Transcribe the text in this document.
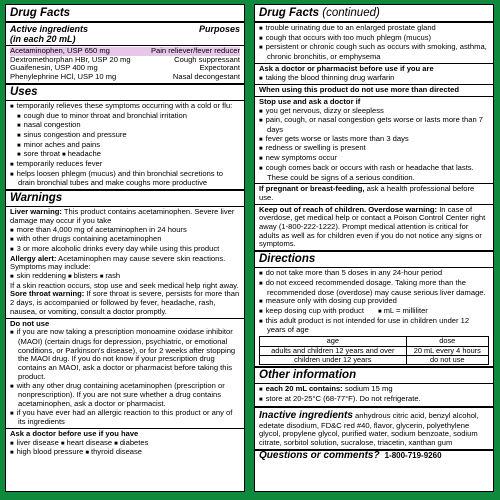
Drug Facts
Active ingredients	Purposes
(in each 20 mL)
Acetaminophen, USP 650 mg	Pain reliever/fever reducer
Dextromethorphan HBr, USP 20 mg	Cough suppressant
Guaifenesin, USP 400 mg	Expectorant
Phenylephrine HCl, USP 10 mg	Nasal decongestant
Uses
■ temporarily relieves these symptoms occurring with a cold or flu:
■ cough due to minor throat and bronchial irritation
■ nasal congestion
■ sinus congestion and pressure
■ minor aches and pains
■ sore throat ■ headache
■ temporarily reduces fever
■ helps loosen phlegm (mucus) and thin bronchial secretions to drain bronchial tubes and make coughs more productive
Warnings

Liver warning: This product contains acetaminophen. Severe liver damage may occur if you take

■ more than 4,000 mg of acetaminophen in 24 hours
■ with other drugs containing acetaminophen
■ 3 or more alcoholic drinks every day while using this product

Allergy alert: Acetaminophen may cause severe skin reactions. Symptoms may include:

■ skin reddening ■ blisters ■ rash

If a skin reaction occurs, stop use and seek medical help right away.

Sore throat warning: If sore throat is severe, persists for more than 2 days, is accompanied or followed by fever, headache, rash, nausea, or vomiting, consult a doctor promptly.

Do not use

■ if you are now taking a prescription monoamine oxidase inhibitor (MAOI) (certain drugs for depression, psychiatric, or emotional conditions, or Parkinson's disease), or for 2 weeks after stopping the MAOI drug. If you do not know if your prescription drug contains an MAOI, ask a doctor or pharmacist before taking this product.
■ with any other drug containing acetaminophen (prescription or nonprescription). If you are not sure whether a drug contains acetaminophen, ask a doctor or pharmacist.
■ if you have ever had an allergic reaction to this product or any of its ingredients

Ask a doctor before use if you have

■ liver disease ■ heart disease ■ diabetes
■ high blood pressure ■ thyroid disease
Drug Facts (continued)
■ trouble urinating due to an enlarged prostate gland
■ cough that occurs with too much phlegm (mucus)
■ persistent or chronic cough such as occurs with smoking, asthma, chronic bronchitis, or emphysema

Ask a doctor or pharmacist before use if you are

■ taking the blood thinning drug warfarin

When using this product do not use more than directed

Stop use and ask a doctor if

■ you get nervous, dizzy or sleepless
■ pain, cough, or nasal congestion gets worse or lasts more than 7 days
■ fever gets worse or lasts more than 3 days
■ redness or swelling is present
■ new symptoms occur
■ cough comes back or occurs with rash or headache that lasts. These could be signs of a serious condition.

If pregnant or breast-feeding, ask a health professional before use.

Keep out of reach of children. Overdose warning: In case of overdose, get medical help or contact a Poison Control Center right away (1-800-222-1222). Prompt medical attention is critical for adults as well as for children even if you do not notice any signs or symptoms.

Directions
■ do not take more than 5 doses in any 24-hour period
■ do not exceed recommended dosage. Taking more than the recommended dose (overdose) may cause serious liver damage.
■ measure only with dosing cup provided
■ keep dosing cup with product ■ mL = milliliter
■ this adult product is not intended for use in children under 12 years of age
age	dose
adults and children 12 years and over	20 mL every 4 hours
children under 12 years	do not use
Other information
■ each 20 mL contains: sodium 15 mg
■ store at 20-25°C (68-77°F). Do not refrigerate.

Inactive ingredients anhydrous citric acid, benzyl alcohol, edetate disodium, FD&C red #40, flavor, glycerin, polyethylene glycol, propylene glycol, purified water, sodium benzoate, sodium citrate, sorbitol solution, sucralose, triacetin, xanthan gum

Questions or comments? 1-800-719-9260
